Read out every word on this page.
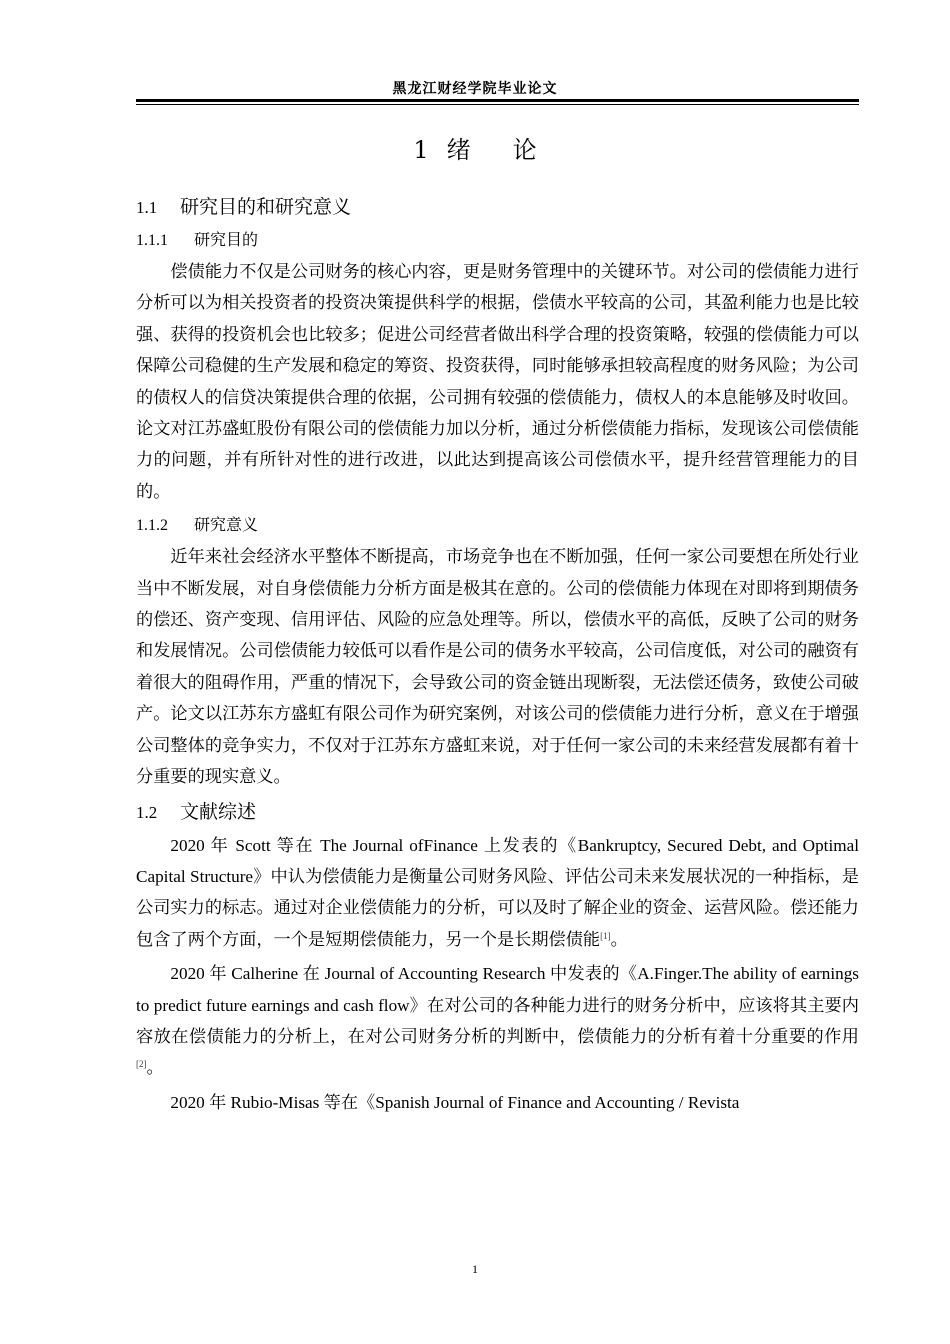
黑龙江财经学院毕业论文
1 绪 论
1.1 研究目的和研究意义
1.1.1 研究目的

偿债能力不仅是公司财务的核心内容，更是财务管理中的关键环节。对公司的偿债能力进行分析可以为相关投资者的投资决策提供科学的根据，偿债水平较高的公司，其盈利能力也是比较强、获得的投资机会也比较多；促进公司经营者做出科学合理的投资策略，较强的偿债能力可以保障公司稳健的生产发展和稳定的筹资、投资获得，同时能够承担较高程度的财务风险；为公司的债权人的信贷决策提供合理的依据，公司拥有较强的偿债能力，债权人的本息能够及时收回。论文对江苏盛虹股份有限公司的偿债能力加以分析，通过分析偿债能力指标，发现该公司偿债能力的问题，并有所针对性的进行改进，以此达到提高该公司偿债水平，提升经营管理能力的目的。

1.1.2 研究意义

近年来社会经济水平整体不断提高，市场竞争也在不断加强，任何一家公司要想在所处行业当中不断发展，对自身偿债能力分析方面是极其在意的。公司的偿债能力体现在对即将到期债务的偿还、资产变现、信用评估、风险的应急处理等。所以，偿债水平的高低，反映了公司的财务和发展情况。公司偿债能力较低可以看作是公司的债务水平较高，公司信度低，对公司的融资有着很大的阻碍作用，严重的情况下，会导致公司的资金链出现断裂，无法偿还债务，致使公司破产。论文以江苏东方盛虹有限公司作为研究案例，对该公司的偿债能力进行分析，意义在于增强公司整体的竞争实力，不仅对于江苏东方盛虹来说，对于任何一家公司的未来经营发展都有着十分重要的现实意义。

1.2 文献综述

2020 年 Scott 等在 The Journal ofFinance 上发表的《Bankruptcy, Secured Debt, and Optimal Capital Structure》中认为偿债能力是衡量公司财务风险、评估公司未来发展状况的一种指标，是公司实力的标志。通过对企业偿债能力的分析，可以及时了解企业的资金、运营风险。偿还能力包含了两个方面，一个是短期偿债能力，另一个是长期偿债能[1]。

2020 年 Calherine 在 Journal of Accounting Research 中发表的《A.Finger.The ability of earnings to predict future earnings and cash flow》在对公司的各种能力进行的财务分析中，应该将其主要内容放在偿债能力的分析上，在对公司财务分析的判断中，偿债能力的分析有着十分重要的作用[2]。

2020 年 Rubio-Misas 等在《Spanish Journal of Finance and Accounting / Revista

1
